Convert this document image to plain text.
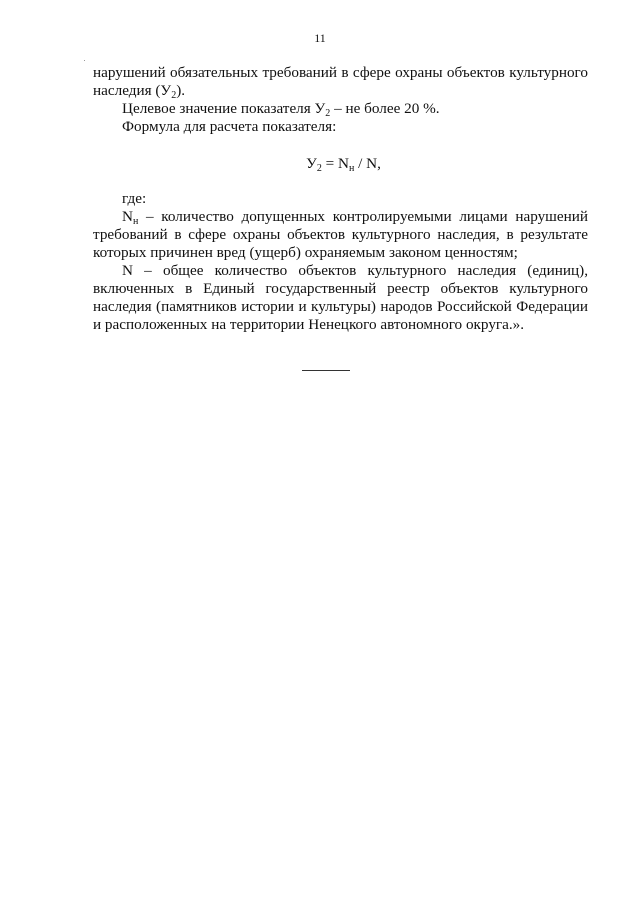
11

нарушений обязательных требований в сфере охраны объектов культурного наследия $(У_2)$.

Целевое значение показателя $У_2$ – не более 20 %.

Формула для расчета показателя:

$У_2 = N_н / N$,

где:

$N_н$ – количество допущенных контролируемыми лицами нарушений требований в сфере охраны объектов культурного наследия, в результате которых причинен вред (ущерб) охраняемым законом ценностям;

N – общее количество объектов культурного наследия (единиц), включенных в Единый государственный реестр объектов культурного наследия (памятников истории и культуры) народов Российской Федерации и расположенных на территории Ненецкого автономного округа.».
